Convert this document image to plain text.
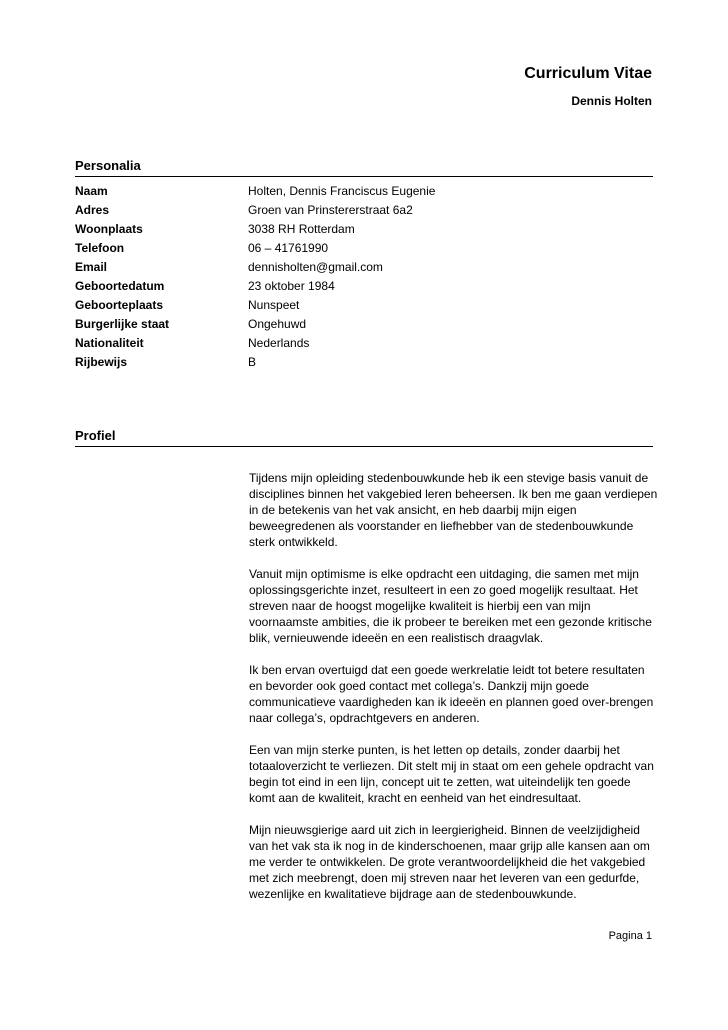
Curriculum Vitae
Dennis Holten
Personalia
Naam	Holten, Dennis Franciscus Eugenie
Adres	Groen van Prinstererstraat 6a2
Woonplaats	3038 RH Rotterdam
Telefoon	06 – 41761990
Email	dennisholten@gmail.com
Geboortedatum	23 oktober 1984
Geboorteplaats	Nunspeet
Burgerlijke staat	Ongehuwd
Nationaliteit	Nederlands
Rijbewijs	B
Profiel

Tijdens mijn opleiding stedenbouwkunde heb ik een stevige basis vanuit de disciplines binnen het vakgebied leren beheersen. Ik ben me gaan verdiepen in de betekenis van het vak ansicht, en heb daarbij mijn eigen beweegredenen als voorstander en liefhebber van de stedenbouwkunde sterk ontwikkeld.

Vanuit mijn optimisme is elke opdracht een uitdaging, die samen met mijn oplossingsgerichte inzet, resulteert in een zo goed mogelijk resultaat. Het streven naar de hoogst mogelijke kwaliteit is hierbij een van mijn voornaamste ambities, die ik probeer te bereiken met een gezonde kritische blik, vernieuwende ideeën en een realistisch draagvlak.

Ik ben ervan overtuigd dat een goede werkrelatie leidt tot betere resultaten en bevorder ook goed contact met collega’s. Dankzij mijn goede communicatieve vaardigheden kan ik ideeën en plannen goed over-brengen naar collega’s, opdrachtgevers en anderen.

Een van mijn sterke punten, is het letten op details, zonder daarbij het totaaloverzicht te verliezen. Dit stelt mij in staat om een gehele opdracht van begin tot eind in een lijn, concept uit te zetten, wat uiteindelijk ten goede komt aan de kwaliteit, kracht en eenheid van het eindresultaat.

Mijn nieuwsgierige aard uit zich in leergierigheid. Binnen de veelzijdigheid van het vak sta ik nog in de kinderschoenen, maar grijp alle kansen aan om me verder te ontwikkelen. De grote verantwoordelijkheid die het vakgebied met zich meebrengt, doen mij streven naar het leveren van een gedurfde, wezenlijke en kwalitatieve bijdrage aan de stedenbouwkunde.

Pagina 1
